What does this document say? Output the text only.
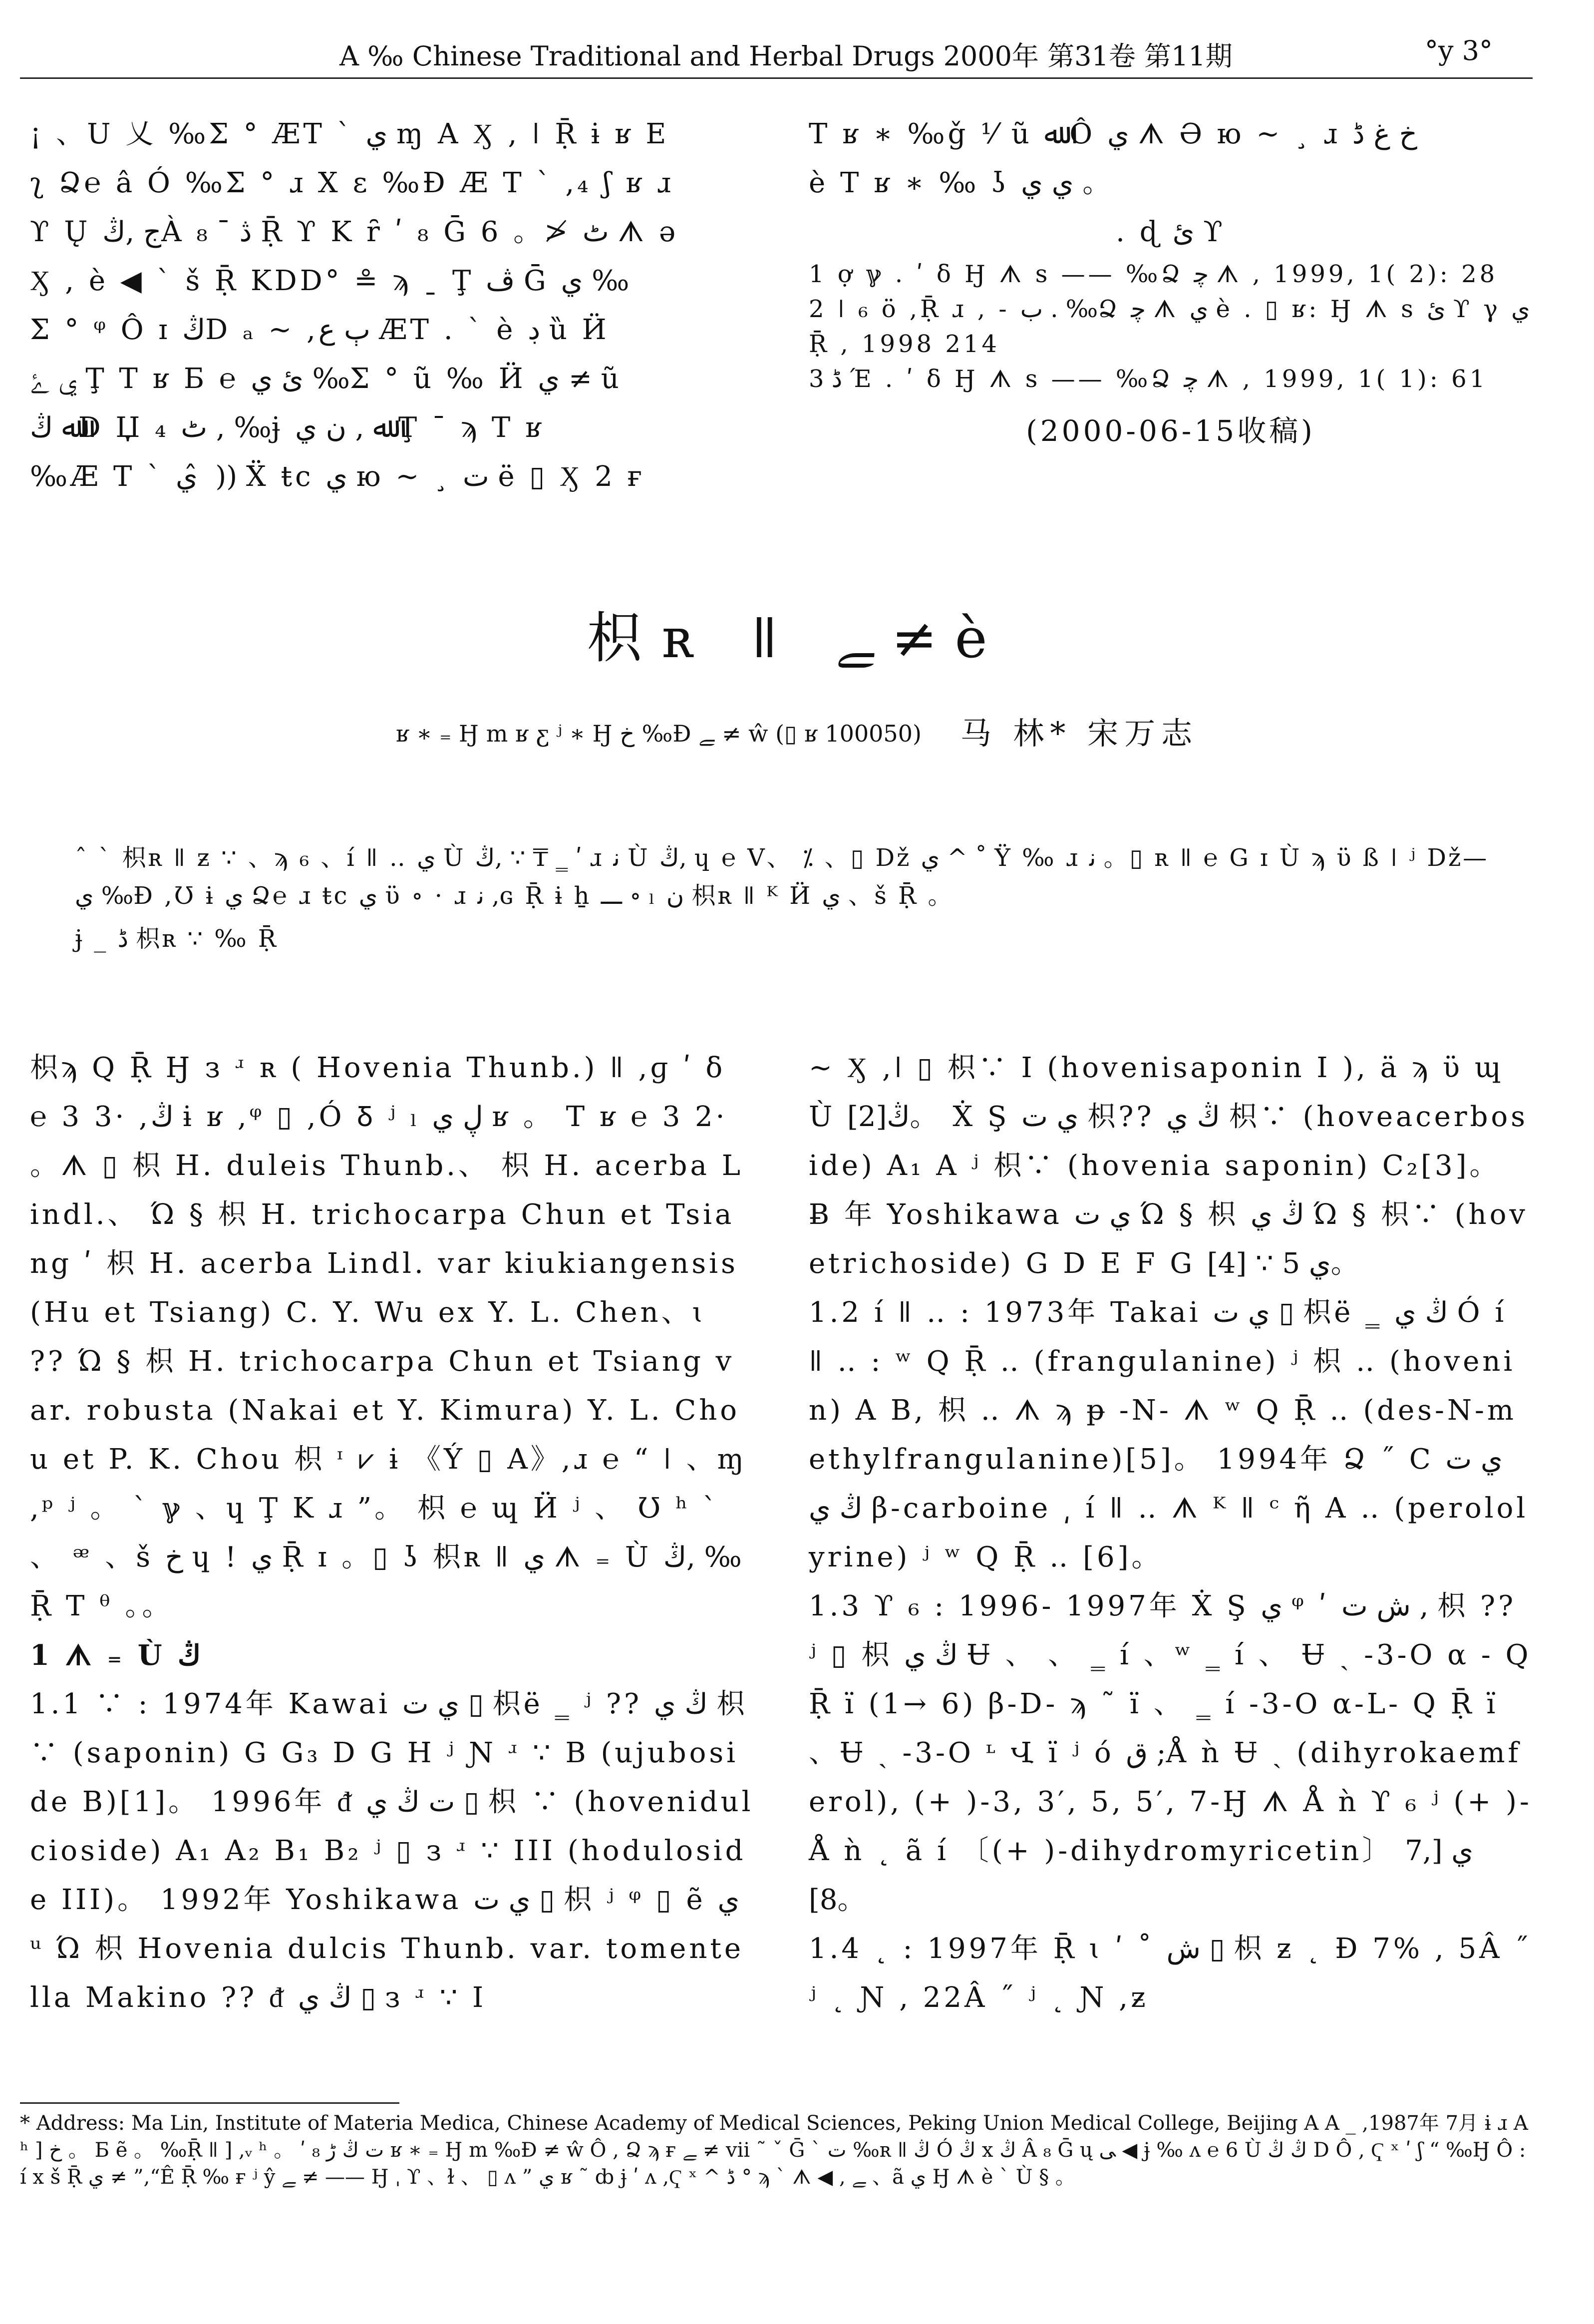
A ‰ Chinese Traditional and Herbal Drugs 2000年 第31卷 第11期	°y 3°

¡ 、U 乂 ‰Σ ° ÆΤ ` ي ɱ A Ӽ , ǀ Ṝ ɨ ʁ Ε

ʅ Ձ℮ â Ó ‰Σ ° ɹ X ε ‰Ɖ Æ Τ ` ,₄ ʃ ʁ ɹ

ϒ Ų ج ,ڭÀ ڎ ¯ ₈ Ṝ ϒ K ȓ ʹ ₈ Ḡ 6 。≯ ٹ ᗑ ə

Ӽ , è ◀ ` š Ṝ KDD° ≗ ϡ ˍ Ţ ﭪ Ḡ ي ‰

Σ ° ᵠ Ô ɪ ڭD ₐ ~ ,ٻ ﻉ ÆΤ . ` è ڊ ȕ Ӥ

ي ﮰ Ţ Τ ʁ Ƃ ℮ ئ ي ‰Σ ° ũ ‰ Ӥ ي ≠ ũ

ﷲ ڭD Џ ₄ ٹ , ‰ɉ ﷲ , ن ي Ţ ¯ ϡ Τ ʁ

‰Æ Τ ` ي ̂ )) Ẍ ŧc ي ю ~ ¸ ت ë ▯ Ӽ 2 ғ

Τ ʁ ∗ ‰ǧ ⅟ ũ ﷲ Ô ي ᗑ Ə ю ~ ¸ ɹ خ ﻍ ڈ

è Τ ʁ ∗ ‰ ʖ ي ي 。

. ɖ ئ ϒ

1 ợ ℽ . ʹ ẟ Ӈ ᗑ s —— ‰Ձ ﭼ ᗑ , 1999, 1( 2): 28

2 ǀ ₆ ö ,Ṝ ɹ , - ب . ‰Ձ ﭼ ᗑ ي è . ▯ ʁ: Ӈ ᗑ s ئ ϒ γ ي Ṝ , 1998 214

3 ڈ Έ . ʹ ẟ Ӈ ᗑ s —— ‰Ձ ﭼ ᗑ , 1999, 1( 1): 61

(2000-06-15收稿)
枳ʀ ǁ ﮯ ≠ è
ʁ ∗ ₌ Ӈ m ʁ ƹ ʲ ∗ Ӈ خ ‰Ɖ ﮯ ≠ ŵ (▯ ʁ 100050) 马 林* 宋万志

ˆ ` 枳ʀ ǁ ƶ ∵ 、ϡ ₆ 、í ǁ ‥ ي Ù ڭ, ∵ ₸ ‗ ʹ ɹ ﻧ Ù ڭ, ɥ ℮ V、 ⁒ 、▯ Dž ي ^ ˚ Ÿ ‰ ɹ ﻧ 。▯ ʀ ǁ ℮ G ɪ Ù ϡ ϋ ß ǀ ʲ Dž— ي ‰Ɖ ,Ʊ ɨ ي Ձ℮ ɹ ŧc ي ϋ ∘ · ɹ ﻧ ,ɢ Ṝ ɨ ẖ ـــ ∘ ₗ ﻥ 枳ʀ ǁ ᴷ Ӥ ي 、š Ṝ 。

ɉ _ ڈ 枳ʀ ∵ ‰ Ṝ

枳ϡ Q Ṝ Ӈ з ʴ ʀ ( Hovenia Thunb.) ǁ ,ɡ ʹ ẟ ℮ 3 3· ,ڭ ɨ ʁ ,ᵠ ▯ ,Ó Ᵹ ʲ ₗ ڸ ي ʁ 。 Τ ʁ ℮ 3 2· 。ᗑ ▯ 枳 H. duleis Thunb.、 枳 H. acerba Lindl.、 Ώ § 枳 H. trichocarpa Chun et Tsiang ʹ 枳 H. acerba Lindl. var kiukiangensis (Hu et Tsiang) C. Y. Wu ex Y. L. Chen、ɩ ?? Ώ § 枳 H. trichocarpa Chun et Tsiang var. robusta (Nakai et Y. Kimura) Y. L. Chou et P. K. Chou 枳 ᶦ ⩗ ɨ 《Ý ▯ A》,ɹ ℮ “ ǀ 、ɱ ,ᵖ ʲ 。 ` ℽ 、ɥ Ţ Κ ɹ ”。 枳 ℮ ɰ Ӥ ʲ 、 Ʊ ʰ ˋ 、 ᵆ 、š خ ɥ ! ي Ṝ ɪ 。▯ ʖ 枳ʀ ǁ ي ᗑ ₌ Ù ڭ, ‰ Ṝ Τ ᶿ 。。

1 ᗑ ₌ Ù ڭ

1.1 ∵ : 1974年 Kawai ي ت ▯ 枳ë ‗ ʲ ?? ڭ ي 枳∵ (saponin) G G₃ D G H ʲ Ɲ ʴ ∵ B (ujuboside B)[1]。 1996年 ᵭ ت ڭ ي ▯ 枳 ∵ (hovenidulcioside) A₁ A₂ B₁ B₂ ʲ ▯ з ʴ ∵ III (hoduloside III)。 1992年 Yoshikawa ي ت ▯ 枳 ʲ ᵠ ▯ ẽ ي ᵘ Ώ 枳 Hovenia dulcis Thunb. var. tomentella Makino ?? ᵭ ڭ ي ▯ з ʴ ∵ I

~ Ӽ ,ǀ ▯ 枳∵ I (hovenisaponin I ), ä ϡ ϋ ɰ Ù ڭ[2]。 Ẋ Ş ي ت 枳?? ڭ ي 枳∵ (hoveacerboside) A₁ A ʲ 枳∵ (hovenia saponin) C₂[3]。 Ƀ 年 Yoshikawa ي ت Ώ § 枳 ڭ ي Ώ § 枳∵ (hovetrichoside) G D E F G ي 5 ∵ [4]。

1.2 í ǁ ‥ : 1973年 Takai ي ت ▯ 枳ë ‗ ڭ ي Ó í ǁ ‥ : ʷ Q Ṝ ‥ (frangulanine) ʲ 枳 ‥ (hovenin) A B, 枳 ‥ ᗑ ϡ ᵽ -N- ᗑ ʷ Q Ṝ ‥ (des-N-methylfrangulanine)[5]。 1994年 Ձ ˝ C ي ت ڭ ي β-carboine ͵ í ǁ ‥ ᗑ ᴷ ǁ ᶜ ῆ A ‥ (perololyrine) ʲ ʷ Q Ṝ ‥ [6]。

1.3 ϒ ₆ : 1996- 1997年 Ẋ Ş ي ᵠ ʹ ش ت , 枳 ?? ʲ ▯ 枳 ڭ ي Ʉ 、 、 ‗ í 、ʷ ‗ í 、 Ʉ ˎ -3-O α - Q Ṝ ï (1→ 6) β-D- ϡ ˜ ï 、 ‗ í -3-O α-L- Q Ṝ ï 、Ʉ ˎ -3-O ᶫ Վ ï ʲ ó ق ;Å ǹ Ʉ ˎ (dihyrokaemferol), (+ )-3, 3′, 5, 5′, 7-Ӈ ᗑ Å ǹ ϒ ₆ ʲ (+ )-Å ǹ ˛ ã í 〔(+ )-dihydromyricetin〕 ي [7,8]。

1.4 ˛ : 1997年 Ṝ ɩ ʹ ˚ ش ▯ 枳 ƶ ˛ Ɖ 7% , 5Â ˝ ʲ ˛ Ɲ , 22Â ˝ ʲ ˛ Ɲ ,ƶ

* Address: Ma Lin, Institute of Materia Medica, Chinese Academy of Medical Sciences, Peking Union Medical College, Beijing A A _ ,1987年 7月 ɨ ɹ A ʰ ] خ 。 Ƃ ẽ 。 ‰Ṝ ǁ ] ,ᵥ ʰ 。 ʹ ₈ ت ڭ ڑ ʁ ∗ ₌ Ӈ m ‰Ɖ ≠ ŵ Ô , Ձ ϡ ғ ﮯ ≠ ⅶ ˜ ˇ Ḡ ˋ ت ‰ʀ ǁ ڭ Ó ڭ x ڭ Â ₈ Ḡ ų ﻰ ◀ ɉ ‰ ʌ ℮ 6 Ù ڭ ڭ D Ô , Ҁ ˣ ʹ ʃ “ ‰Ӈ Ô : í x š Ṝ ي ≠ ”,“Ê Ṝ ‰ ғ ʲ ŷ ﮯ ≠ —— Ӈ ˌ ϒ 、ɫ 、 ▯ ʌ ” ي ʁ ˜ ȸ ɉ ʹ ʌ ,Ҁ ˣ ^ ڈ ° ϡ ˋ ᗑ ◀ , ﮯ 、ã ي Ӈ ᗑ è ` Ù § 。
